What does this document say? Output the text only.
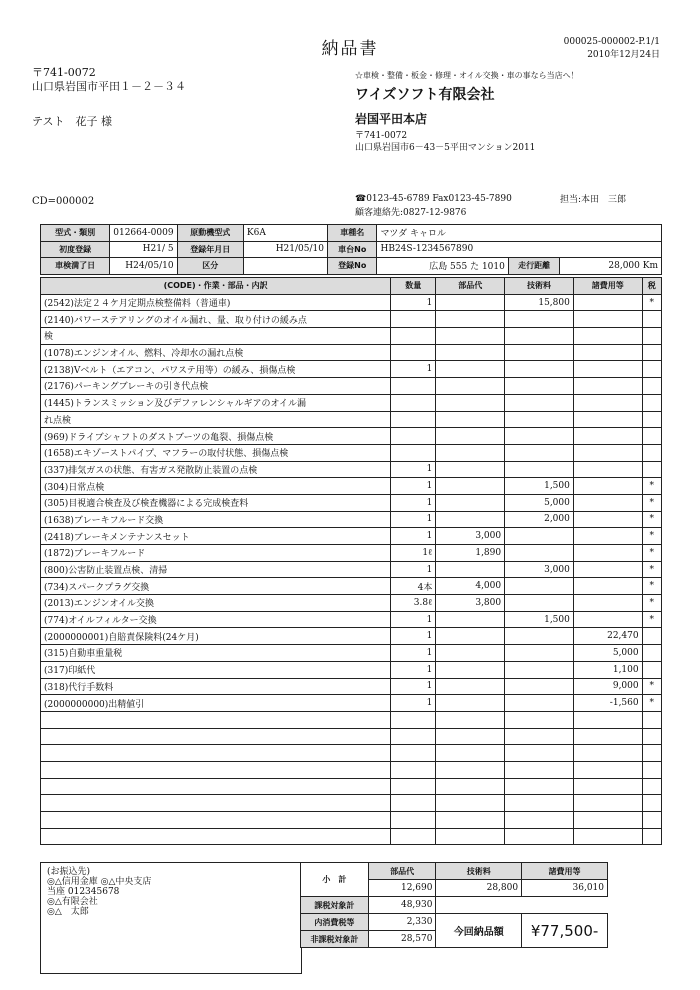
納品書	000025-000002-P.1/1
2010年12月24日
〒741-0072
山口県岩国市平田１－２－３４
テスト　花子 様
CD=000002
☆車検・整備・板金・修理・オイル交換・車の事なら当店へ！
ワイズソフト有限会社
岩国平田本店
〒741-0072
山口県岩国市6－43－5平田マンション2011
☎0123-45-6789 Fax0123-45-7890
顧客連絡先:0827-12-9876
担当:本田　三郎
型式・類別	012664-0009	原動機型式	K6A	車種名	マツダ キャロル		
初度登録	H21/ 5	登録年月日	H21/05/10	車台No	HB24S-1234567890		
車検満了日	H24/05/10	区分		登録No	広島 555 た 1010	走行距離	28,000 Km
(CODE)・作業・部品・内訳	数量	部品代	技術料	諸費用等	税
(2542)法定２４ケ月定期点検整備料（普通車)	1		15,800		*
(2140)パワーステアリングのオイル漏れ、量、取り付けの緩み点					
検					
(1078)エンジンオイル、燃料、冷却水の漏れ点検					
(2138)Vベルト（エアコン、パワステ用等）の緩み、損傷点検	1				
(2176)パーキングブレーキの引き代点検					
(1445)トランスミッション及びデファレンシャルギアのオイル漏					
れ点検					
(969)ドライブシャフトのダストブーツの亀裂、損傷点検					
(1658)エキゾーストパイプ、マフラーの取付状態、損傷点検					
(337)排気ガスの状態、有害ガス発散防止装置の点検	1				
(304)日常点検	1		1,500		*
(305)目視適合検査及び検査機器による完成検査料	1		5,000		*
(1638)ブレーキフルード交換	1		2,000		*
(2418)ブレーキメンテナンスセット	1	3,000			*
(1872)ブレーキフルード	1ℓ	1,890			*
(800)公害防止装置点検、清掃	1		3,000		*
(734)スパークプラグ交換	4本	4,000			*
(2013)エンジンオイル交換	3.8ℓ	3,800			*
(774)オイルフィルター交換	1		1,500		*
(2000000001)自賠責保険料(24ケ月)	1			22,470	
(315)自動車重量税	1			5,000	
(317)印紙代	1			1,100	
(318)代行手数料	1			9,000	*
(2000000000)出精値引	1			-1,560	*

(お振込先)
◎△信用金庫 ◎△中央支店
当座 012345678
◎△有限会社
◎△　太郎
小　計	部品代	技術料	諸費用等
	12,690	28,800	36,010
課税対象計	48,930		
内消費税等	2,330	今回納品額	¥77,500-
非課税対象計	28,570		
